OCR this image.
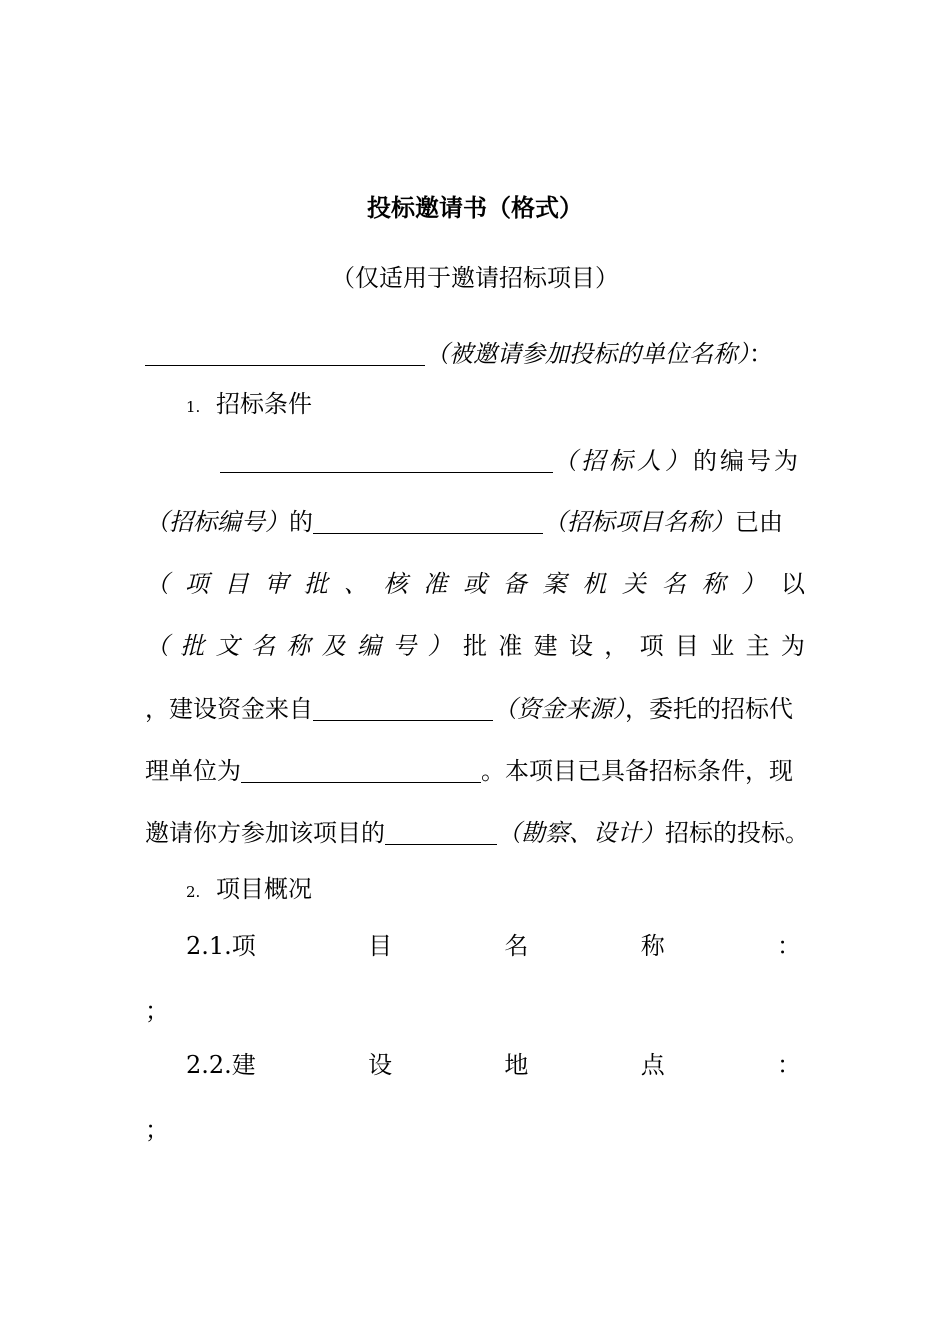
投标邀请书（格式）
（仅适用于邀请招标项目）
（被邀请参加投标的单位名称）：
1. 招标条件
（招标人）的编号为
（招标编号）的	（招标项目名称）已由
（ 项 目 审 批 、 核 准 或 备 案 机 关 名 称 ） 以
（ 批 文 名 称 及 编 号 ） 批 准 建 设 ， 项 目 业 主 为
，建设资金来自	（资金来源），委托的招标代
理单位为	。本项目已具备招标条件，现
邀请你方参加该项目的	（勘察、设计）招标的投标。
2. 项目概况
2.1.项	目	名	称	：
；
2.2.建	设	地	点	：
；
